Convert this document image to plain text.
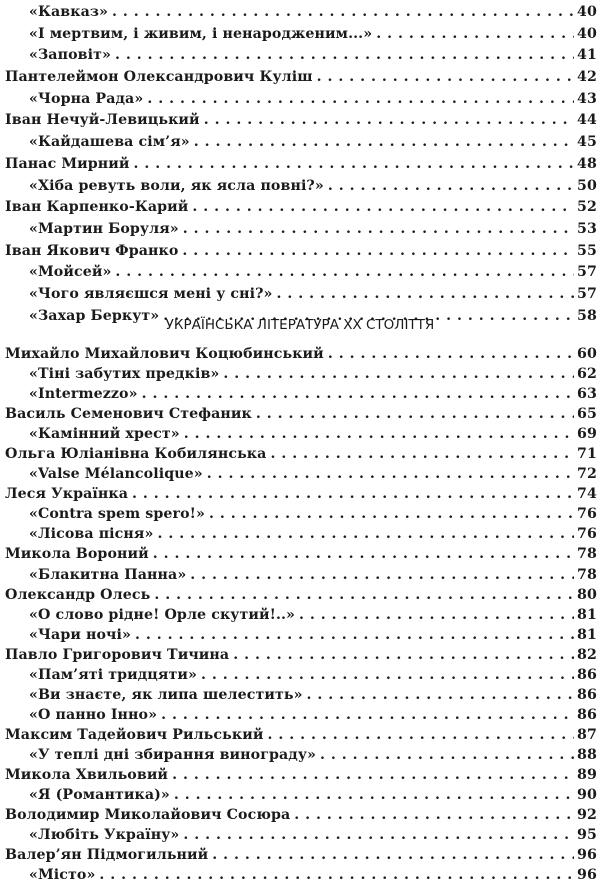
«Кавказ» . . .	40
«І мертвим, і живим, і ненародженим...» . . .	40
«Заповіт» . . .	41
Пантелеймон Олександрович Куліш . . .	42
«Чорна Рада» . . .	43
Іван Нечуй-Левицький . . .	44
«Кайдашева сім’я» . . .	45
Панас Мирний . . .	48
«Хіба ревуть воли, як ясла повні?» . . .	50
Іван Карпенко-Карий . . .	52
«Мартин Боруля» . . .	53
Іван Якович Франко . . .	55
«Мойсей» . . .	57
«Чого являєшся мені у сні?» . . .	57
«Захар Беркут» . . .	58
УКРАЇНСЬКА ЛІТЕРАТУРА XX СТОЛІТТЯ
Михайло Михайлович Коцюбинський . . .	60
«Тіні забутих предків» . . .	62
«Intermezzo» . . .	63
Василь Семенович Стефаник . . .	65
«Камінний хрест» . . .	69
Ольга Юліанівна Кобилянська . . .	71
«Valse Mélancolique» . . .	72
Леся Українка . . .	74
«Contra spem spero!» . . .	76
«Лісова пісня» . . .	76
Микола Вороний . . .	78
«Блакитна Панна» . . .	78
Олександр Олесь . . .	80
«О слово рідне! Орле скутий!..» . . .	81
«Чари ночі» . . .	81
Павло Григорович Тичина . . .	82
«Пам’яті тридцяти» . . .	86
«Ви знаєте, як липа шелестить» . . .	86
«О панно Інно» . . .	86
Максим Тадейович Рильський . . .	87
«У теплі дні збирання винограду» . . .	88
Микола Хвильовий . . .	89
«Я (Романтика)» . . .	90
Володимир Миколайович Сосюра . . .	92
«Любіть Україну» . . .	95
Валер’ян Підмогильний . . .	96
«Місто» . . .	96
